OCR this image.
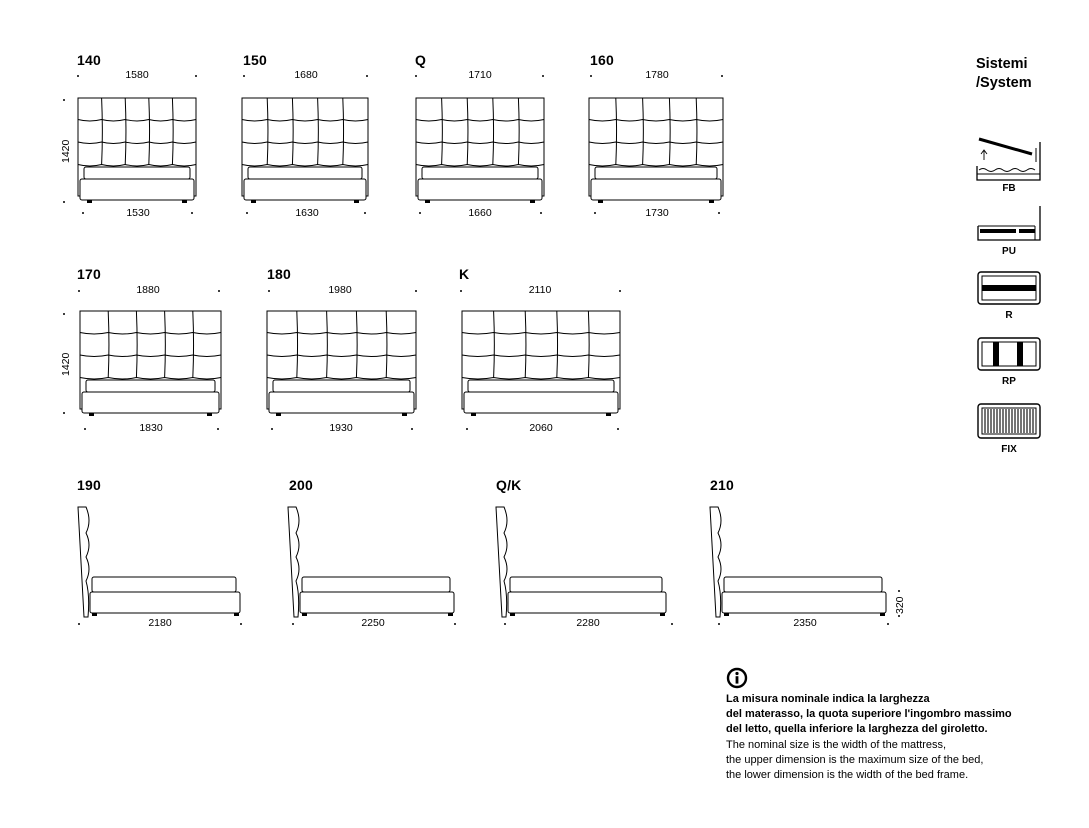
140
1580
1420
1530
150
1680
1630
Q
1710
1660
160
1780
1730
170
1880
1420
1830
180
1980
1930
K
2110
2060
190
2180
200
2250
Q/K
2280
210
2350
320
Sistemi
/System
FB
PU
R
RP
FIX
La misura nominale indica la larghezza
del materasso, la quota superiore l'ingombro massimo
del letto, quella inferiore la larghezza del giroletto.
The nominal size is the width of the mattress,
the upper dimension is the maximum size of the bed,
the lower dimension is the width of the bed frame.
